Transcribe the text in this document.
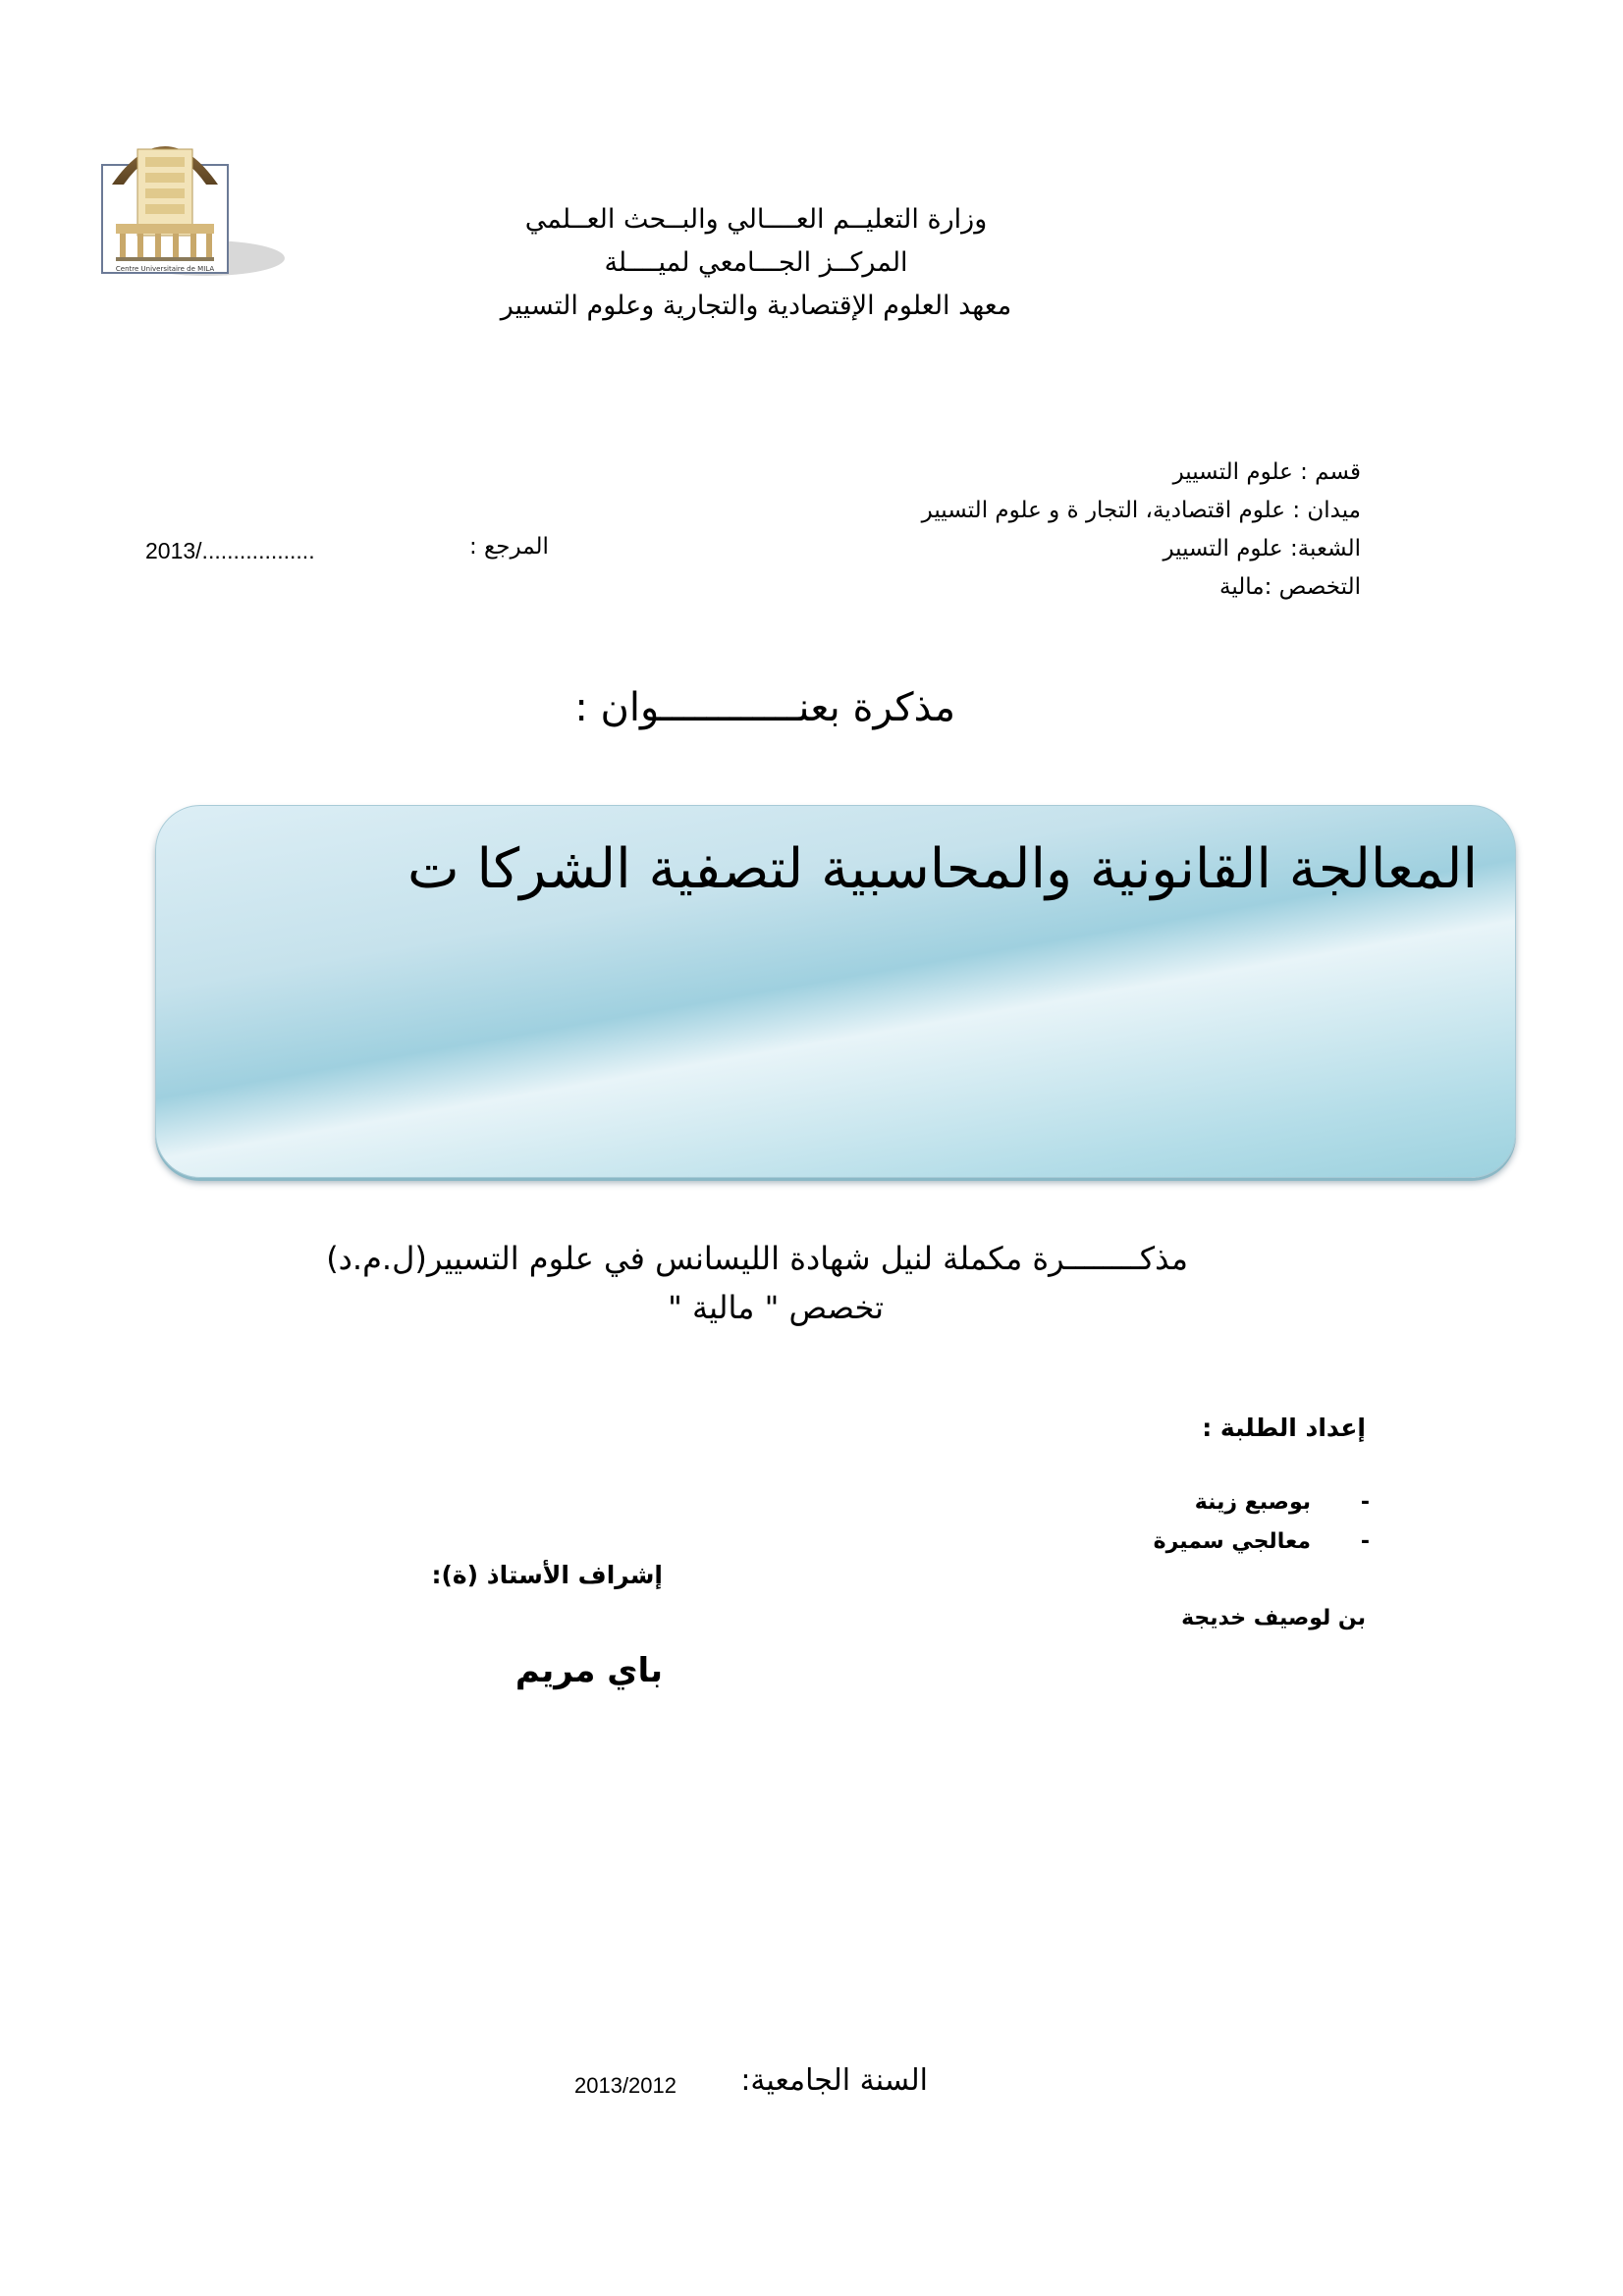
Centre Universitaire de MILA
وزارة التعليــم العــــالي والبــحث العــلمي
المركــز الجـــامعي لميــــلة
معهد العلوم الإقتصادية والتجارية وعلوم التسيير
قسم : علوم التسيير
ميدان : علوم اقتصادية، التجار ة و علوم التسيير
الشعبة: علوم التسيير
التخصص :مالية
المرجع :
2013/..................
مذكرة بعنــــــــــــوان :
المعالجة القانونية والمحاسبية لتصفية الشركا ت
مذكــــــــرة مكملة لنيل شهادة الليسانس في علوم التسيير(ل.م.د)
تخصص " مالية "
إعداد الطلبة :
-
بوصبع زينة
-
معالجي سميرة
بن لوصيف خديجة
إشراف الأستاذ (ة):
باي مريم
السنة الجامعية:
2013/2012
